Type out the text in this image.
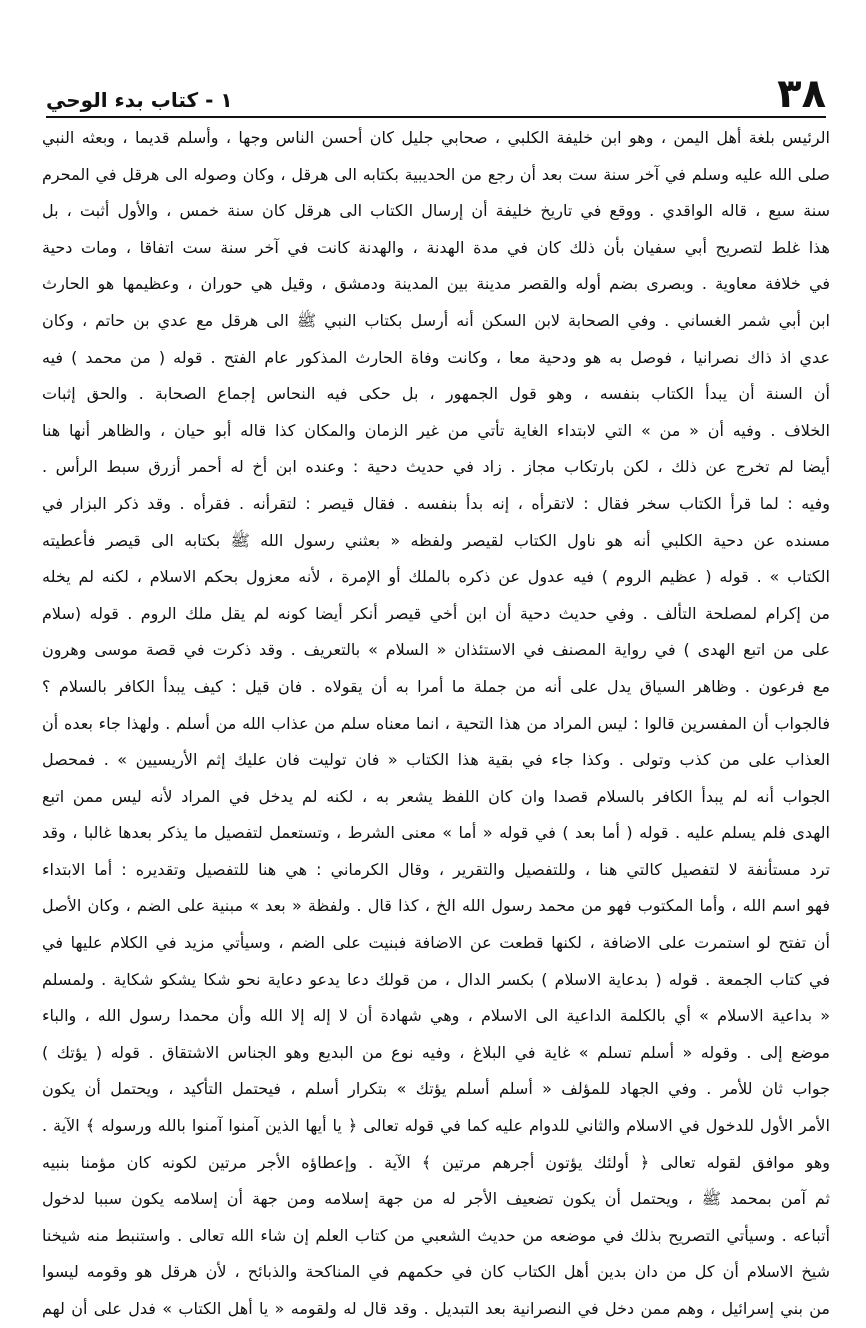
٣٨
١ - كتاب بدء الوحي
الرئيس بلغة أهل اليمن ، وهو ابن خليفة الكلبي ، صحابي جليل كان أحسن الناس وجها ، وأسلم قديما ، وبعثه النبي
صلى الله عليه وسلم في آخر سنة ست بعد أن رجع من الحديبية بكتابه الى هرقل ، وكان وصوله الى هرقل في المحرم
سنة سبع ، قاله الواقدي . ووقع في تاريخ خليفة أن إرسال الكتاب الى هرقل كان سنة خمس ، والأول أثبت ، بل
هذا غلط لتصريح أبي سفيان بأن ذلك كان في مدة الهدنة ، والهدنة كانت في آخر سنة ست اتفاقا ، ومات دحية
في خلافة معاوية . وبصرى بضم أوله والقصر مدينة بين المدينة ودمشق ، وقيل هي حوران ، وعظيمها هو الحارث
ابن أبي شمر الغساني . وفي الصحابة لابن السكن أنه أرسل بكتاب النبي ﷺ الى هرقل مع عدي بن حاتم ، وكان
عدي اذ ذاك نصرانيا ، فوصل به هو ودحية معا ، وكانت وفاة الحارث المذكور عام الفتح . قوله ( من محمد ) فيه
أن السنة أن يبدأ الكتاب بنفسه ، وهو قول الجمهور ، بل حكى فيه النحاس إجماع الصحابة . والحق إثبات
الخلاف . وفيه أن « من » التي لابتداء الغاية تأتي من غير الزمان والمكان كذا قاله أبو حيان ، والظاهر أنها هنا
أيضا لم تخرج عن ذلك ، لكن بارتكاب مجاز . زاد في حديث دحية : وعنده ابن أخ له أحمر أزرق سبط الرأس .
وفيه : لما قرأ الكتاب سخر فقال : لاتقرأه ، إنه بدأ بنفسه . فقال قيصر : لتقرأنه . فقرأه . وقد ذكر البزار في
مسنده عن دحية الكلبي أنه هو ناول الكتاب لقيصر ولفظه « بعثني رسول الله ﷺ بكتابه الى قيصر فأعطيته
الكتاب » . قوله ( عظيم الروم ) فيه عدول عن ذكره بالملك أو الإمرة ، لأنه معزول بحكم الاسلام ، لكنه لم يخله
من إكرام لمصلحة التألف . وفي حديث دحية أن ابن أخي قيصر أنكر أيضا كونه لم يقل ملك الروم . قوله (سلام
على من اتبع الهدى ) في رواية المصنف في الاستئذان « السلام » بالتعريف . وقد ذكرت في قصة موسى وهرون
مع فرعون . وظاهر السياق يدل على أنه من جملة ما أمرا به أن يقولاه . فان قيل : كيف يبدأ الكافر بالسلام ؟
فالجواب أن المفسرين قالوا : ليس المراد من هذا التحية ، انما معناه سلم من عذاب الله من أسلم . ولهذا جاء بعده أن
العذاب على من كذب وتولى . وكذا جاء في بقية هذا الكتاب « فان توليت فان عليك إثم الأريسيين » . فمحصل
الجواب أنه لم يبدأ الكافر بالسلام قصدا وان كان اللفظ يشعر به ، لكنه لم يدخل في المراد لأنه ليس ممن اتبع
الهدى فلم يسلم عليه . قوله ( أما بعد ) في قوله « أما » معنى الشرط ، وتستعمل لتفصيل ما يذكر بعدها غالبا ، وقد
ترد مستأنفة لا لتفصيل كالتي هنا ، وللتفصيل والتقرير ، وقال الكرماني : هي هنا للتفصيل وتقديره : أما الابتداء
فهو اسم الله ، وأما المكتوب فهو من محمد رسول الله الخ ، كذا قال . ولفظة « بعد » مبنية على الضم ، وكان الأصل
أن تفتح لو استمرت على الاضافة ، لكنها قطعت عن الاضافة فبنيت على الضم ، وسيأتي مزيد في الكلام عليها في
في كتاب الجمعة . قوله ( بدعاية الاسلام ) بكسر الدال ، من قولك دعا يدعو دعاية نحو شكا يشكو شكاية . ولمسلم
« بداعية الاسلام » أي بالكلمة الداعية الى الاسلام ، وهي شهادة أن لا إله إلا الله وأن محمدا رسول الله ، والباء
موضع إلى . وقوله « أسلم تسلم » غاية في البلاغ ، وفيه نوع من البديع وهو الجناس الاشتقاق . قوله ( يؤتك )
جواب ثان للأمر . وفي الجهاد للمؤلف « أسلم أسلم يؤتك » بتكرار أسلم ، فيحتمل التأكيد ، ويحتمل أن يكون
الأمر الأول للدخول في الاسلام والثاني للدوام عليه كما في قوله تعالى ﴿ يا أيها الذين آمنوا آمنوا بالله ورسوله ﴾ الآية .
وهو موافق لقوله تعالى ﴿ أولئك يؤتون أجرهم مرتين ﴾ الآية . وإعطاؤه الأجر مرتين لكونه كان مؤمنا بنبيه
ثم آمن بمحمد ﷺ ، ويحتمل أن يكون تضعيف الأجر له من جهة إسلامه ومن جهة أن إسلامه يكون سببا لدخول
أتباعه . وسيأتي التصريح بذلك في موضعه من حديث الشعبي من كتاب العلم إن شاء الله تعالى . واستنبط منه شيخنا
شيخ الاسلام أن كل من دان بدين أهل الكتاب كان في حكمهم في المناكحة والذبائح ، لأن هرقل هو وقومه ليسوا
من بني إسرائيل ، وهم ممن دخل في النصرانية بعد التبديل . وقد قال له ولقومه « يا أهل الكتاب » فدل على أن لهم
